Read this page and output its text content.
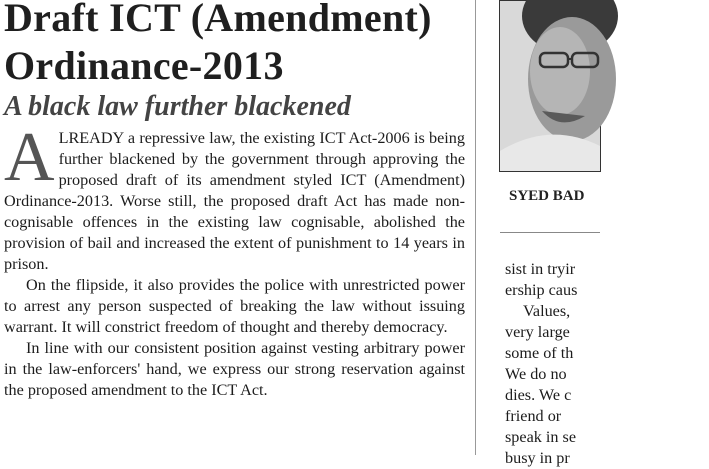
Draft ICT (Amendment)
Ordinance-2013
A black law further blackened

ALREADY a repressive law, the existing ICT Act-2006 is being further blackened by the government through approving the proposed draft of its amendment styled ICT (Amendment) Ordinance-2013. Worse still, the proposed draft Act has made non-cognisable offences in the existing law cognisable, abolished the provision of bail and increased the extent of punishment to 14 years in prison.

On the flipside, it also provides the police with unrestricted power to arrest any person suspected of breaking the law without issuing warrant. It will constrict freedom of thought and thereby democracy.

In line with our consistent position against vesting arbitrary power in the law-enforcers' hand, we express our strong reservation against the proposed amendment to the ICT Act.

SYED BAD
sist in tryir
ership caus
Values,
very large
some of th
We do no
dies. We c
friend or
speak in se
busy in pr
